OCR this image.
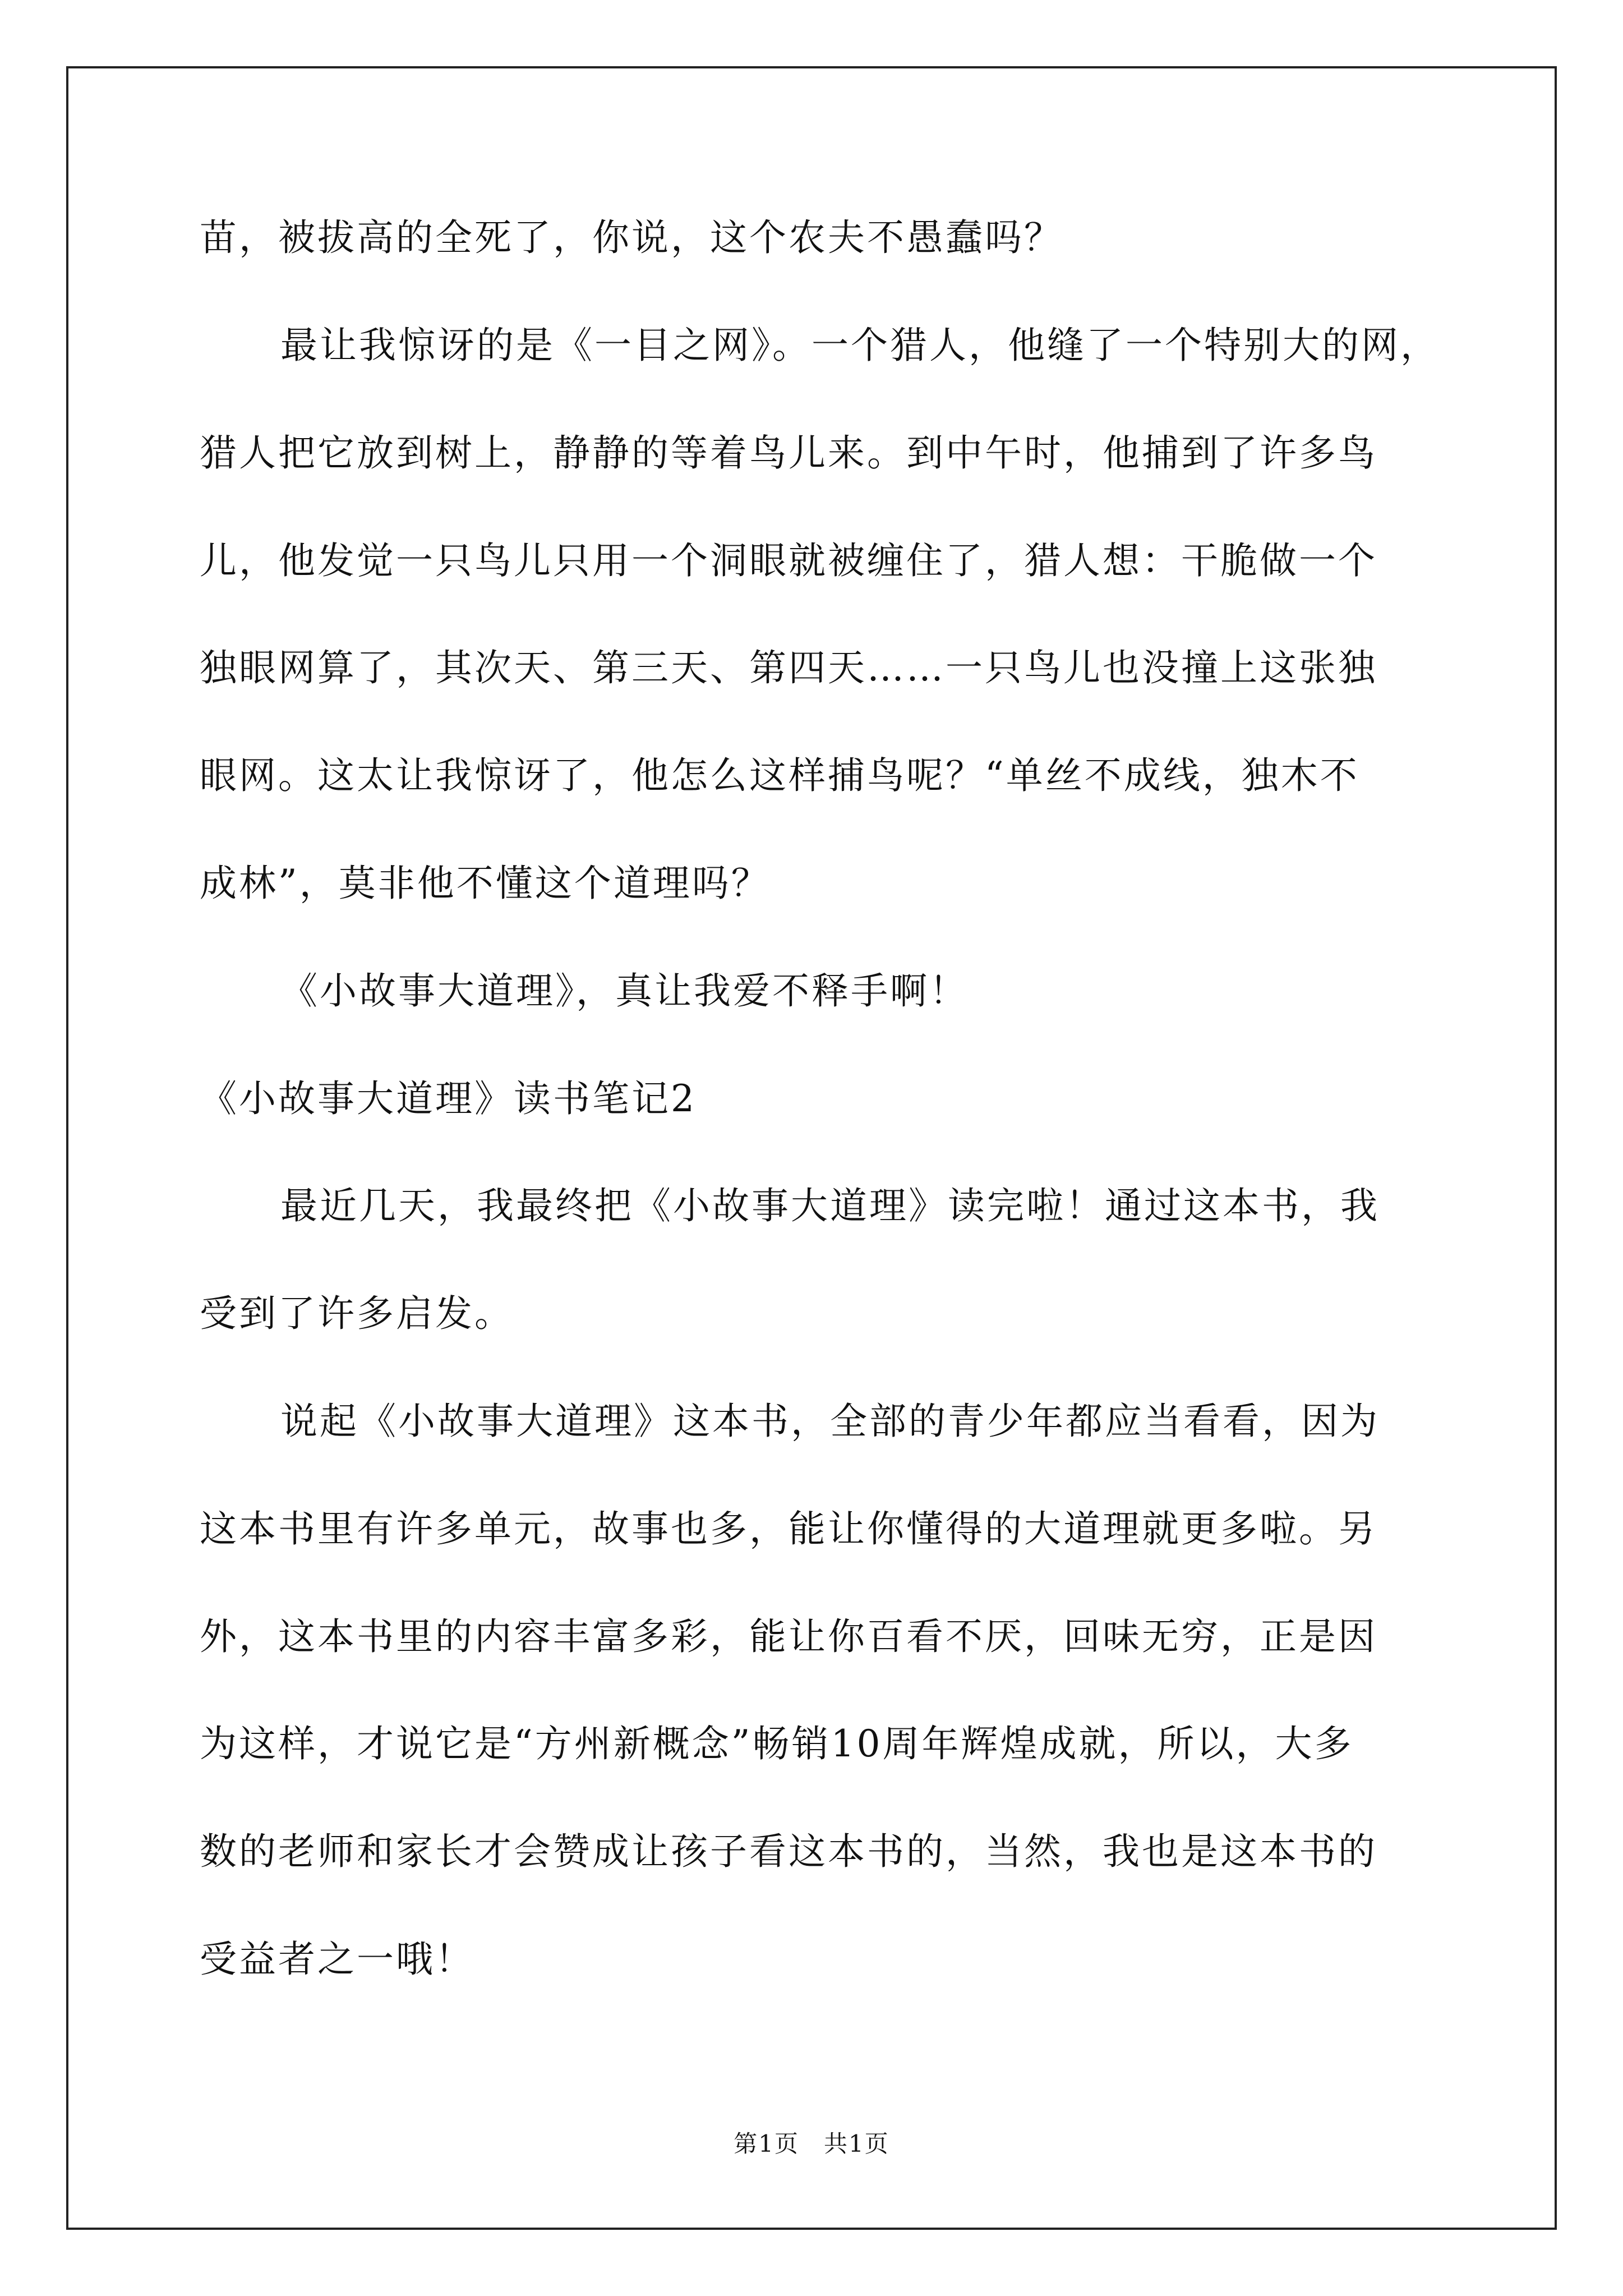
苗，被拔高的全死了，你说，这个农夫不愚蠢吗？
最让我惊讶的是《一目之网》。一个猎人，他缝了一个特别大的网，
猎人把它放到树上，静静的等着鸟儿来。到中午时，他捕到了许多鸟
儿，他发觉一只鸟儿只用一个洞眼就被缠住了，猎人想：干脆做一个
独眼网算了，其次天、第三天、第四天……一只鸟儿也没撞上这张独
眼网。这太让我惊讶了，他怎么这样捕鸟呢？“单丝不成线，独木不
成林”，莫非他不懂这个道理吗？
《小故事大道理》，真让我爱不释手啊！
《小故事大道理》读书笔记2
最近几天，我最终把《小故事大道理》读完啦！通过这本书，我
受到了许多启发。
说起《小故事大道理》这本书，全部的青少年都应当看看，因为
这本书里有许多单元，故事也多，能让你懂得的大道理就更多啦。另
外，这本书里的内容丰富多彩，能让你百看不厌，回味无穷，正是因
为这样，才说它是“方州新概念”畅销10周年辉煌成就，所以，大多
数的老师和家长才会赞成让孩子看这本书的，当然，我也是这本书的
受益者之一哦！
第1页　共1页
